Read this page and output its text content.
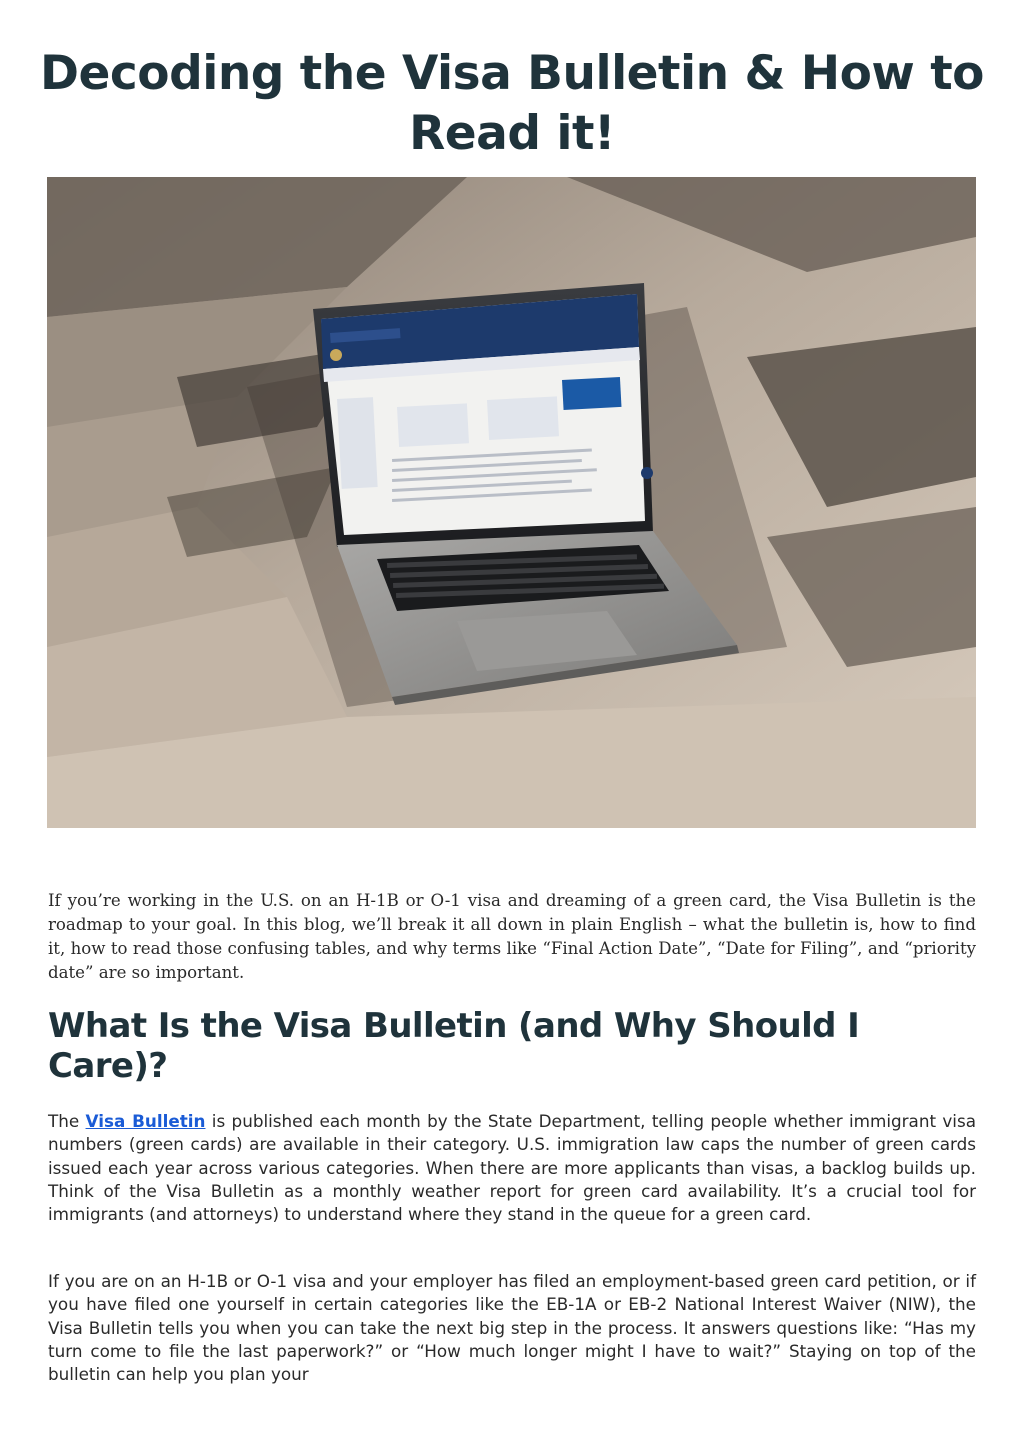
Decoding the Visa Bulletin & How to Read it!

If you’re working in the U.S. on an H-1B or O-1 visa and dreaming of a green card, the Visa Bulletin is the roadmap to your goal. In this blog, we’ll break it all down in plain English – what the bulletin is, how to find it, how to read those confusing tables, and why terms like “Final Action Date”, “Date for Filing”, and “priority date” are so important.

What Is the Visa Bulletin (and Why Should I Care)?

The Visa Bulletin is published each month by the State Department, telling people whether immigrant visa numbers (green cards) are available in their category. U.S. immigration law caps the number of green cards issued each year across various categories. When there are more applicants than visas, a backlog builds up. Think of the Visa Bulletin as a monthly weather report for green card availability. It’s a crucial tool for immigrants (and attorneys) to understand where they stand in the queue for a green card.

If you are on an H-1B or O-1 visa and your employer has filed an employment-based green card petition, or if you have filed one yourself in certain categories like the EB-1A or EB-2 National Interest Waiver (NIW), the Visa Bulletin tells you when you can take the next big step in the process. It answers questions like: “Has my turn come to file the last paperwork?” or “How much longer might I have to wait?” Staying on top of the bulletin can help you plan your
